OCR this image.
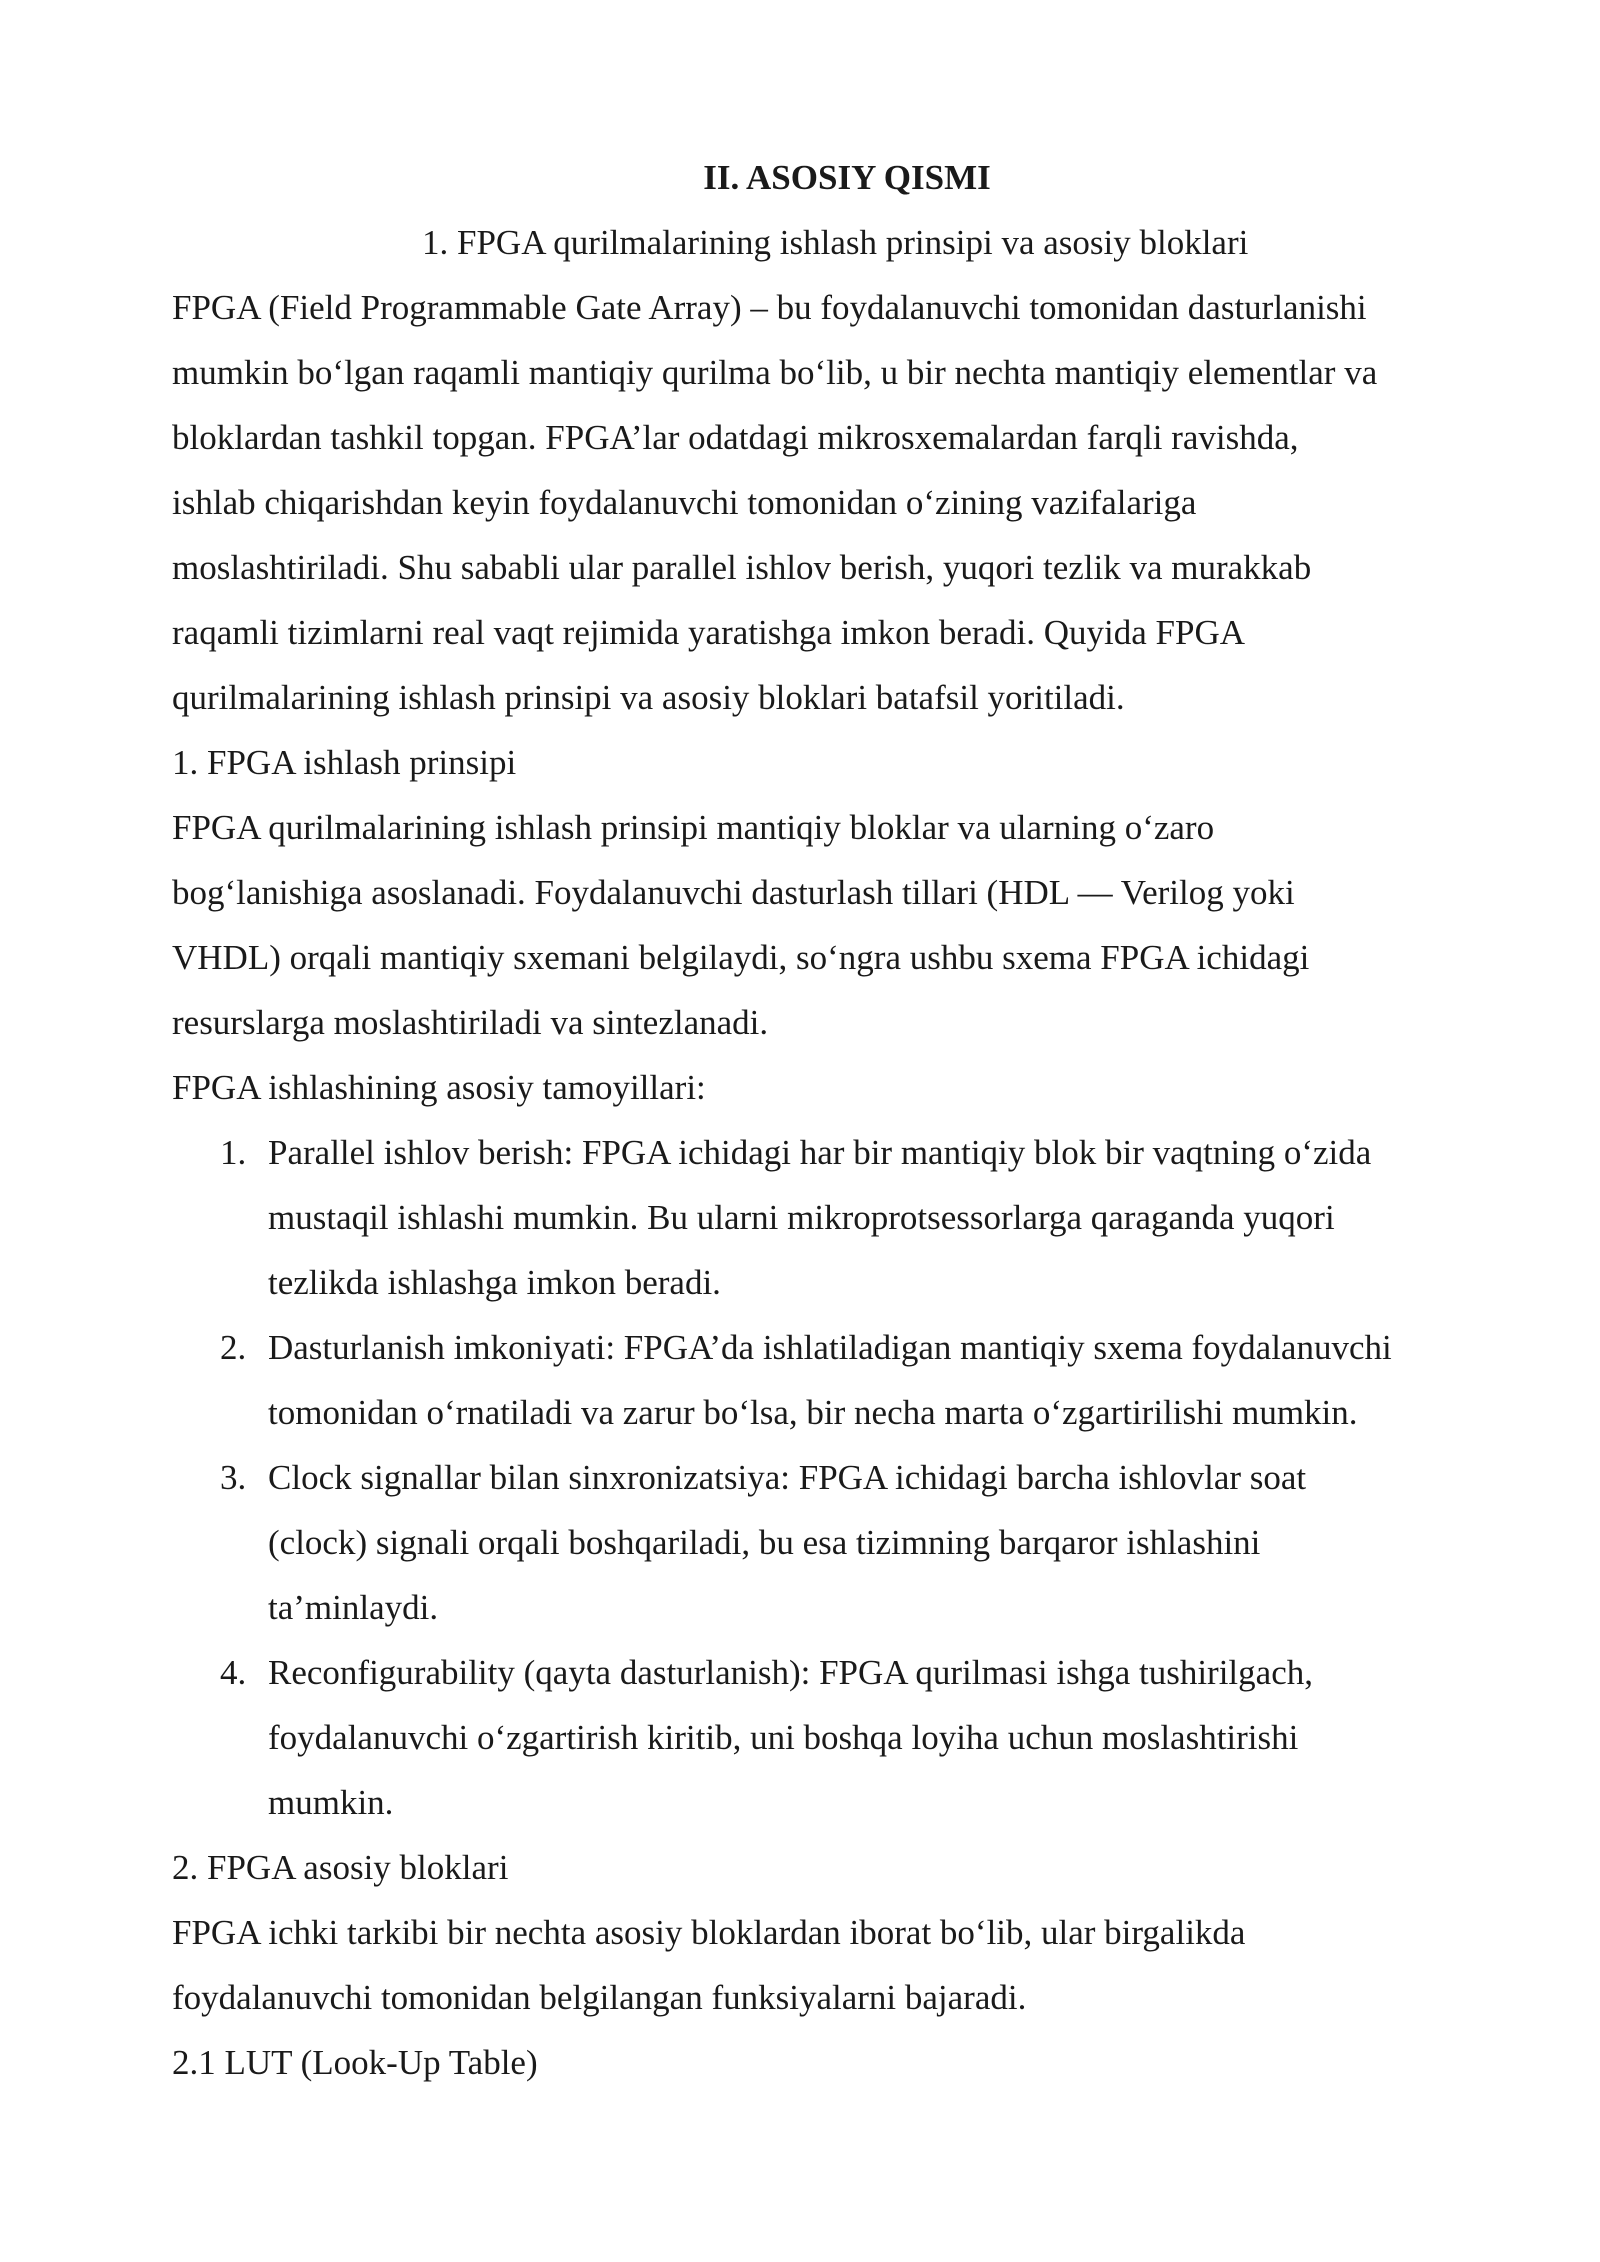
II. ASOSIY QISMI
1. FPGA qurilmalarining ishlash prinsipi va asosiy bloklari

FPGA (Field Programmable Gate Array) – bu foydalanuvchi tomonidan dasturlanishi
mumkin bo‘lgan raqamli mantiqiy qurilma bo‘lib, u bir nechta mantiqiy elementlar va
bloklardan tashkil topgan. FPGA’lar odatdagi mikrosxemalardan farqli ravishda,
ishlab chiqarishdan keyin foydalanuvchi tomonidan o‘zining vazifalariga
moslashtiriladi. Shu sababli ular parallel ishlov berish, yuqori tezlik va murakkab
raqamli tizimlarni real vaqt rejimida yaratishga imkon beradi. Quyida FPGA
qurilmalarining ishlash prinsipi va asosiy bloklari batafsil yoritiladi.

1. FPGA ishlash prinsipi

FPGA qurilmalarining ishlash prinsipi mantiqiy bloklar va ularning o‘zaro
bog‘lanishiga asoslanadi. Foydalanuvchi dasturlash tillari (HDL — Verilog yoki
VHDL) orqali mantiqiy sxemani belgilaydi, so‘ngra ushbu sxema FPGA ichidagi
resurslarga moslashtiriladi va sintezlanadi.

FPGA ishlashining asosiy tamoyillari:

1. Parallel ishlov berish: FPGA ichidagi har bir mantiqiy blok bir vaqtning o‘zida
mustaqil ishlashi mumkin. Bu ularni mikroprotsessorlarga qaraganda yuqori
tezlikda ishlashga imkon beradi.
2. Dasturlanish imkoniyati: FPGA’da ishlatiladigan mantiqiy sxema foydalanuvchi
tomonidan o‘rnatiladi va zarur bo‘lsa, bir necha marta o‘zgartirilishi mumkin.
3. Clock signallar bilan sinxronizatsiya: FPGA ichidagi barcha ishlovlar soat
(clock) signali orqali boshqariladi, bu esa tizimning barqaror ishlashini
ta’minlaydi.
4. Reconfigurability (qayta dasturlanish): FPGA qurilmasi ishga tushirilgach,
foydalanuvchi o‘zgartirish kiritib, uni boshqa loyiha uchun moslashtirishi
mumkin.

2. FPGA asosiy bloklari

FPGA ichki tarkibi bir nechta asosiy bloklardan iborat bo‘lib, ular birgalikda
foydalanuvchi tomonidan belgilangan funksiyalarni bajaradi.

2.1 LUT (Look-Up Table)
